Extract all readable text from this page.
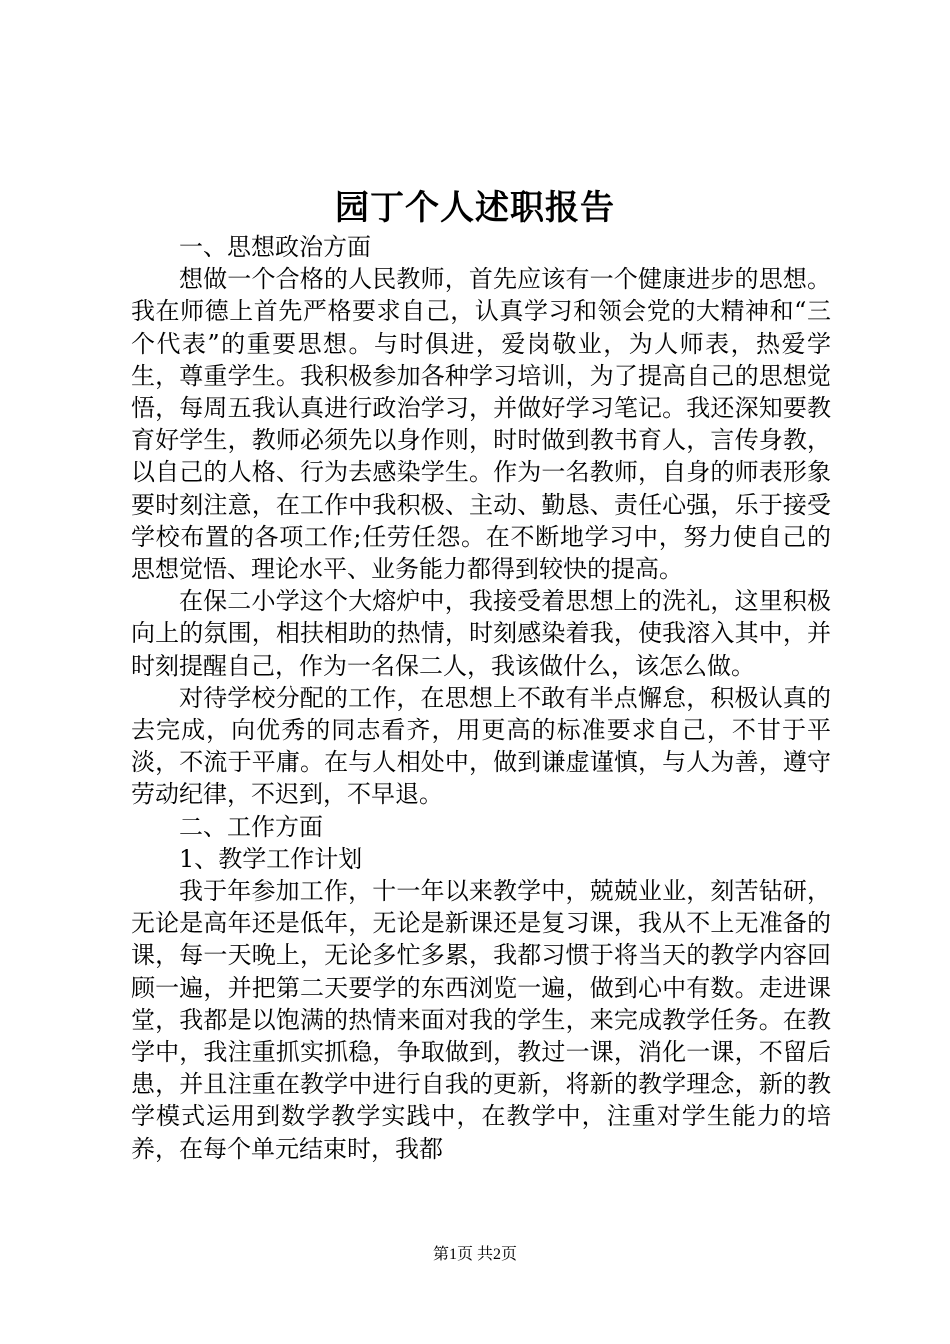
园丁个人述职报告

一、思想政治方面

想做一个合格的人民教师，首先应该有一个健康进步的思想。我在师德上首先严格要求自己，认真学习和领会党的大精神和“三个代表”的重要思想。与时俱进，爱岗敬业，为人师表，热爱学生，尊重学生。我积极参加各种学习培训，为了提高自己的思想觉悟，每周五我认真进行政治学习，并做好学习笔记。我还深知要教育好学生，教师必须先以身作则，时时做到教书育人，言传身教，以自己的人格、行为去感染学生。作为一名教师，自身的师表形象要时刻注意，在工作中我积极、主动、勤恳、责任心强，乐于接受学校布置的各项工作;任劳任怨。在不断地学习中，努力使自己的思想觉悟、理论水平、业务能力都得到较快的提高。

在保二小学这个大熔炉中，我接受着思想上的洗礼，这里积极向上的氛围，相扶相助的热情，时刻感染着我，使我溶入其中，并时刻提醒自己，作为一名保二人，我该做什么，该怎么做。

对待学校分配的工作，在思想上不敢有半点懈怠，积极认真的去完成，向优秀的同志看齐，用更高的标准要求自己，不甘于平淡，不流于平庸。在与人相处中，做到谦虚谨慎，与人为善，遵守劳动纪律，不迟到，不早退。

二、工作方面

1、教学工作计划

我于年参加工作，十一年以来教学中，兢兢业业，刻苦钻研，无论是高年还是低年，无论是新课还是复习课，我从不上无准备的课，每一天晚上，无论多忙多累，我都习惯于将当天的教学内容回顾一遍，并把第二天要学的东西浏览一遍，做到心中有数。走进课堂，我都是以饱满的热情来面对我的学生，来完成教学任务。在教学中，我注重抓实抓稳，争取做到，教过一课，消化一课，不留后患，并且注重在教学中进行自我的更新，将新的教学理念，新的教学模式运用到数学教学实践中，在教学中，注重对学生能力的培养，在每个单元结束时，我都

第1页 共2页
